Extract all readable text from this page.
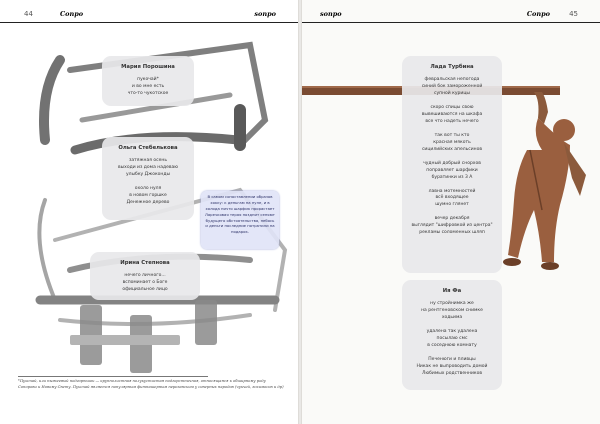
44	Сonpo	sonpo
Мария Порошина
пукочай*
и во мне есть
что-то чукотское
Ольга Стебелькова
затяжная осень
выходи из дома надеваю
улыбку Джоконды

охоло нуля
в новом горшке
Денежное дерево
Ирина Степнова
нечего личного...
вспоминает о Боге
официальное лицо
В самом сопоставлении образов хокку: к деньгам на нуле, и в холода ничто шарфик прорастает Ларечковая теряя позднит сеняют будущего обстоятельства, небось и деньги последние потратили на подарок.
*Пукочай, или пыжеевый подгорюшок — крупнолистная полукустистая подгорстничная, относящаяся к обширному роду Сонорови и Новому Свету. Пукочай является популярным фитнашерным перезанским у северных народов (чукчей, эскимосов и др)
sonpo	Сonpo	45
Лада Турбина
февральская непогода
синий бок замороженной
супной курицы

скоро спицы свою
вывешиваются на шкафа
все что надеть нечего

так вот ты кто
красная мякоть
сицилийских апельсинов

чудный добрый снорхов
поправляет шарфики
буратинки из 3 А

лавна мотемностей
всё входящее
шумно глянет

вечер декабря
выглядит "шифровкой из центра"
рекламы соломенных шляп
Ия Фа
ну стройнимка же
на рентгеновском снимке
ходьима

удалена так удалена
посылаю смс
в соседнюю комнату

Печенюги и пливцы
Никак не выпроводить домой
Любимых родственников
